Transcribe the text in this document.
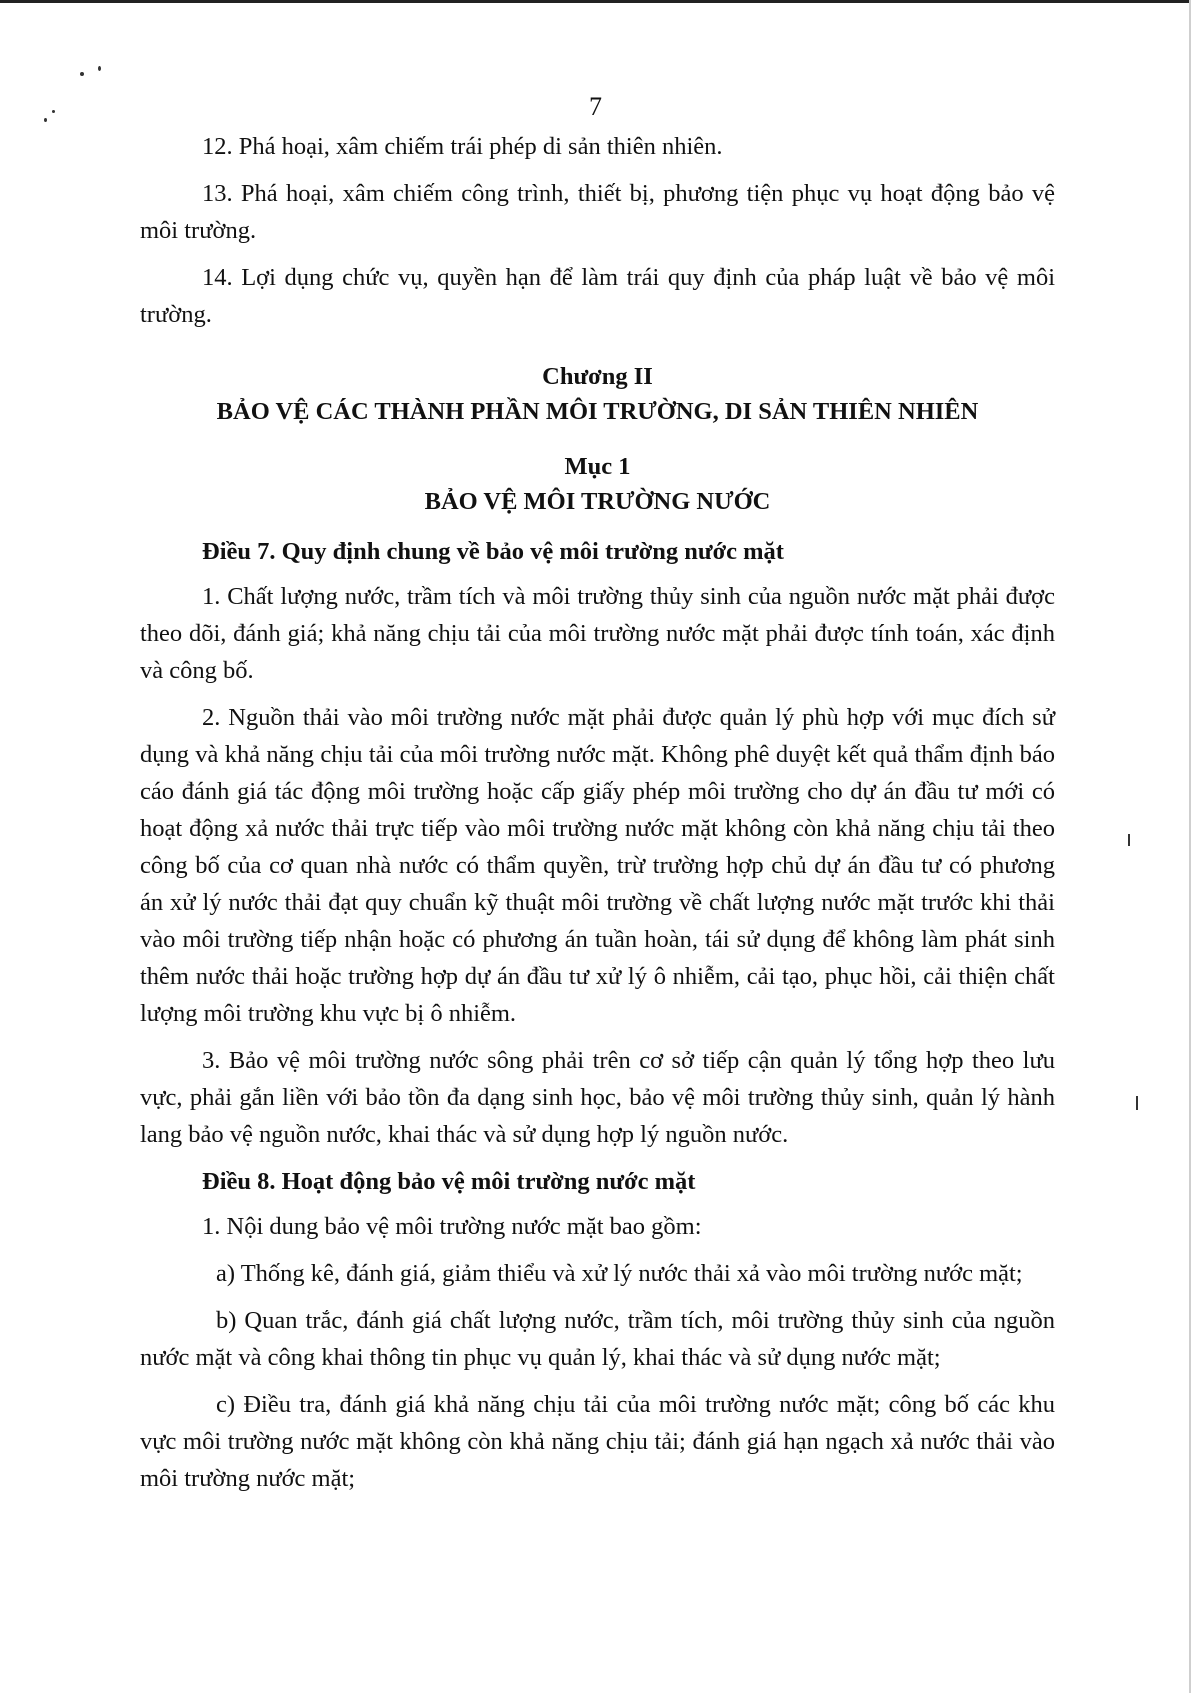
7

12. Phá hoại, xâm chiếm trái phép di sản thiên nhiên.

13. Phá hoại, xâm chiếm công trình, thiết bị, phương tiện phục vụ hoạt động bảo vệ môi trường.

14. Lợi dụng chức vụ, quyền hạn để làm trái quy định của pháp luật về bảo vệ môi trường.

Chương II
BẢO VỆ CÁC THÀNH PHẦN MÔI TRƯỜNG, DI SẢN THIÊN NHIÊN
Mục 1
BẢO VỆ MÔI TRƯỜNG NƯỚC

Điều 7. Quy định chung về bảo vệ môi trường nước mặt

1. Chất lượng nước, trầm tích và môi trường thủy sinh của nguồn nước mặt phải được theo dõi, đánh giá; khả năng chịu tải của môi trường nước mặt phải được tính toán, xác định và công bố.

2. Nguồn thải vào môi trường nước mặt phải được quản lý phù hợp với mục đích sử dụng và khả năng chịu tải của môi trường nước mặt. Không phê duyệt kết quả thẩm định báo cáo đánh giá tác động môi trường hoặc cấp giấy phép môi trường cho dự án đầu tư mới có hoạt động xả nước thải trực tiếp vào môi trường nước mặt không còn khả năng chịu tải theo công bố của cơ quan nhà nước có thẩm quyền, trừ trường hợp chủ dự án đầu tư có phương án xử lý nước thải đạt quy chuẩn kỹ thuật môi trường về chất lượng nước mặt trước khi thải vào môi trường tiếp nhận hoặc có phương án tuần hoàn, tái sử dụng để không làm phát sinh thêm nước thải hoặc trường hợp dự án đầu tư xử lý ô nhiễm, cải tạo, phục hồi, cải thiện chất lượng môi trường khu vực bị ô nhiễm.

3. Bảo vệ môi trường nước sông phải trên cơ sở tiếp cận quản lý tổng hợp theo lưu vực, phải gắn liền với bảo tồn đa dạng sinh học, bảo vệ môi trường thủy sinh, quản lý hành lang bảo vệ nguồn nước, khai thác và sử dụng hợp lý nguồn nước.

Điều 8. Hoạt động bảo vệ môi trường nước mặt

1. Nội dung bảo vệ môi trường nước mặt bao gồm:

a) Thống kê, đánh giá, giảm thiểu và xử lý nước thải xả vào môi trường nước mặt;

b) Quan trắc, đánh giá chất lượng nước, trầm tích, môi trường thủy sinh của nguồn nước mặt và công khai thông tin phục vụ quản lý, khai thác và sử dụng nước mặt;

c) Điều tra, đánh giá khả năng chịu tải của môi trường nước mặt; công bố các khu vực môi trường nước mặt không còn khả năng chịu tải; đánh giá hạn ngạch xả nước thải vào môi trường nước mặt;
